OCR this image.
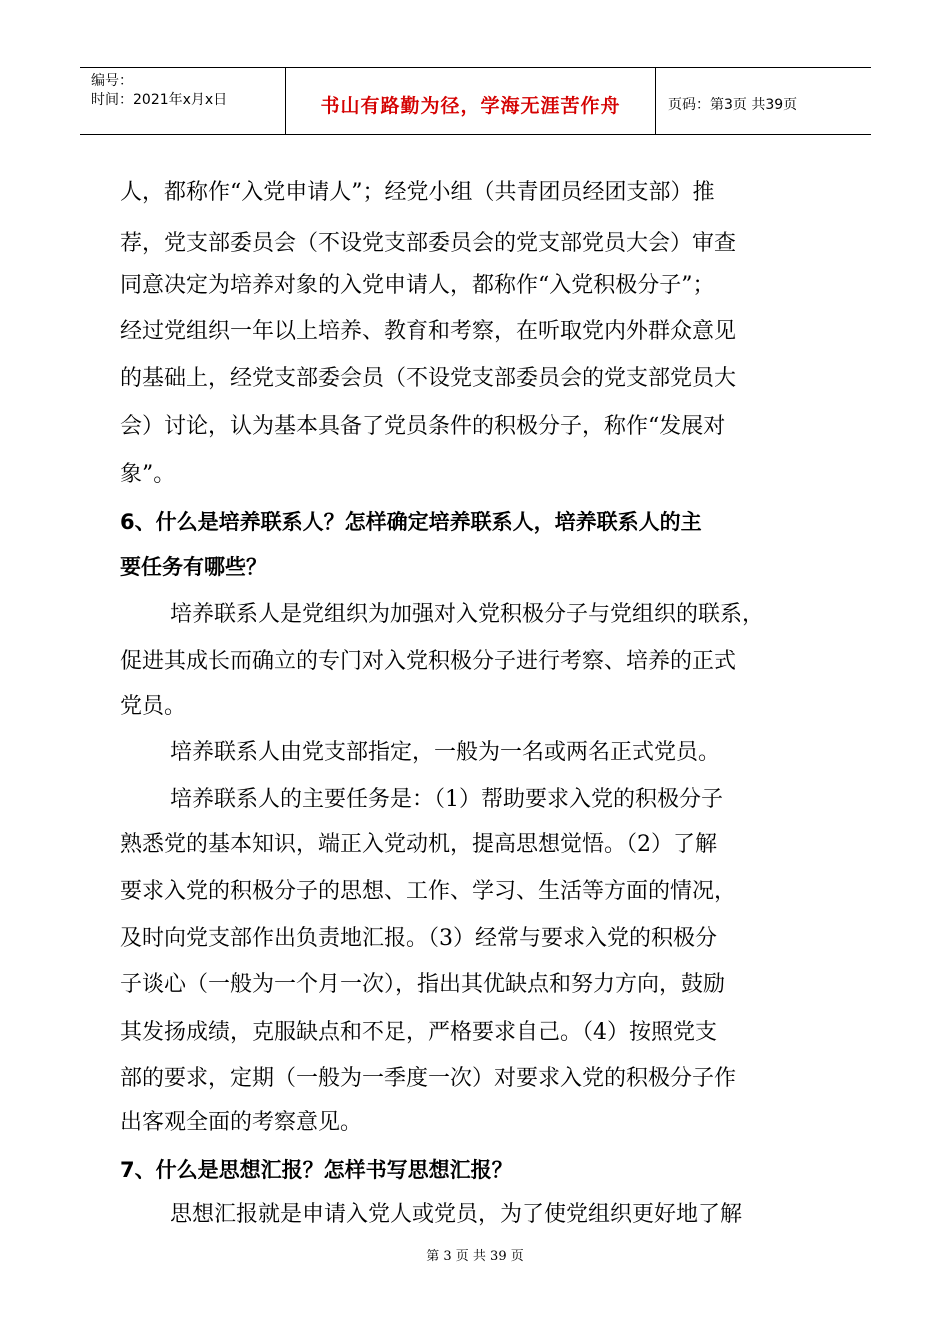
编号：
时间：2021年x月x日	书山有路勤为径，学海无涯苦作舟	页码：第3页 共39页
人，都称作“入党申请人”；经党小组（共青团员经团支部）推
荐，党支部委员会（不设党支部委员会的党支部党员大会）审查
同意决定为培养对象的入党申请人，都称作“入党积极分子”；
经过党组织一年以上培养、教育和考察，在听取党内外群众意见
的基础上，经党支部委会员（不设党支部委员会的党支部党员大
会）讨论，认为基本具备了党员条件的积极分子，称作“发展对
象”。
6、什么是培养联系人？怎样确定培养联系人，培养联系人的主
要任务有哪些？
培养联系人是党组织为加强对入党积极分子与党组织的联系，
促进其成长而确立的专门对入党积极分子进行考察、培养的正式
党员。
培养联系人由党支部指定，一般为一名或两名正式党员。
培养联系人的主要任务是：（1）帮助要求入党的积极分子
熟悉党的基本知识，端正入党动机，提高思想觉悟。（2）了解
要求入党的积极分子的思想、工作、学习、生活等方面的情况，
及时向党支部作出负责地汇报。（3）经常与要求入党的积极分
子谈心（一般为一个月一次），指出其优缺点和努力方向，鼓励
其发扬成绩，克服缺点和不足，严格要求自己。（4）按照党支
部的要求，定期（一般为一季度一次）对要求入党的积极分子作
出客观全面的考察意见。
7、什么是思想汇报？怎样书写思想汇报？
思想汇报就是申请入党人或党员，为了使党组织更好地了解
第 3 页 共 39 页
